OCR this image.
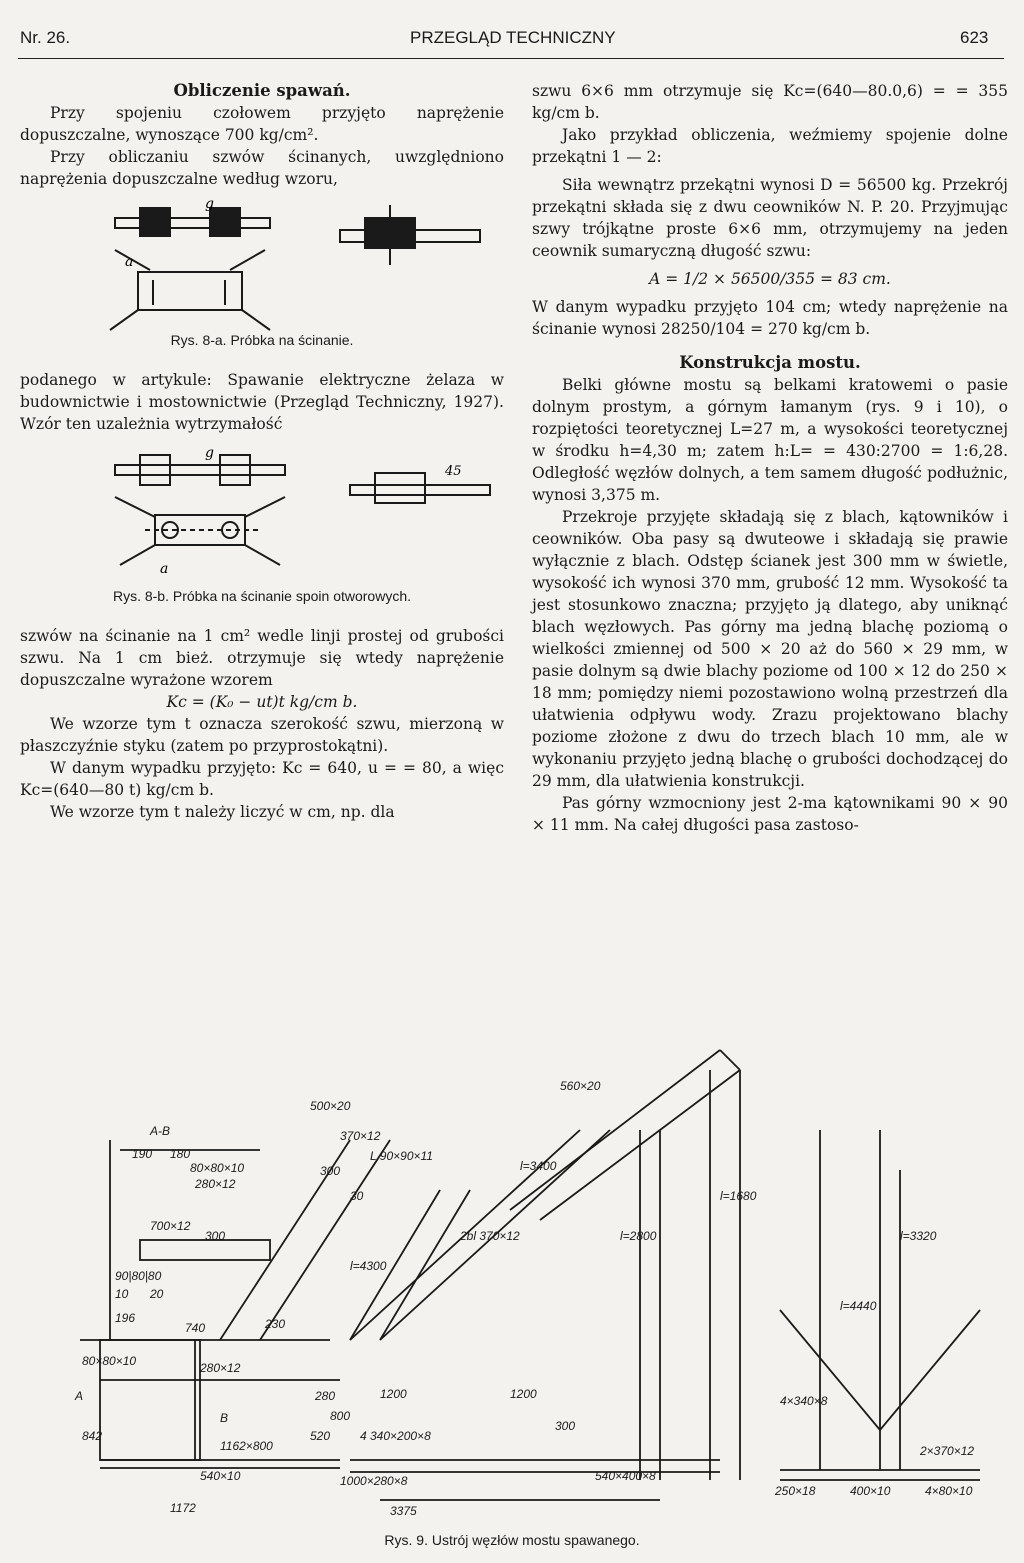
Nr. 26.	PRZEGLĄD TECHNICZNY	623

Obliczenie spawań.

Przy spojeniu czołowem przyjęto naprężenie dopuszczalne, wynoszące 700 kg/cm².

Przy obliczaniu szwów ścinanych, uwzględniono naprężenia dopuszczalne według wzoru,

g
a

Rys. 8-a. Próbka na ścinanie.

podanego w artykule: Spawanie elektryczne żelaza w budownictwie i mostownictwie (Przegląd Techniczny, 1927). Wzór ten uzależnia wytrzymałość

g
a
45

Rys. 8-b. Próbka na ścinanie spoin otworowych.

szwów na ścinanie na 1 cm² wedle linji prostej od grubości szwu. Na 1 cm bież. otrzymuje się wtedy naprężenie dopuszczalne wyrażone wzorem

Kc = (K₀ − ut)t kg/cm b.

We wzorze tym t oznacza szerokość szwu, mierzoną w płaszczyźnie styku (zatem po przyprostokątni).

W danym wypadku przyjęto: Kc = 640, u = = 80, a więc Kc=(640—80 t) kg/cm b.

We wzorze tym t należy liczyć w cm, np. dla

szwu 6×6 mm otrzymuje się Kc=(640—80.0,6) = = 355 kg/cm b.

Jako przykład obliczenia, weźmiemy spojenie dolne przekątni 1 — 2:

Siła wewnątrz przekątni wynosi D = 56500 kg. Przekrój przekątni składa się z dwu ceowników N. P. 20. Przyjmując szwy trójkątne proste 6×6 mm, otrzymujemy na jeden ceownik sumaryczną długość szwu:

A = 1/2 × 56500/355 = 83 cm.

W danym wypadku przyjęto 104 cm; wtedy naprężenie na ścinanie wynosi 28250/104 = 270 kg/cm b.

Konstrukcja mostu.

Belki główne mostu są belkami kratowemi o pasie dolnym prostym, a górnym łamanym (rys. 9 i 10), o rozpiętości teoretycznej L=27 m, a wysokości teoretycznej w środku h=4,30 m; zatem h:L= = 430:2700 = 1:6,28. Odległość węzłów dolnych, a tem samem długość podłużnic, wynosi 3,375 m.

Przekroje przyjęte składają się z blach, kątowników i ceowników. Oba pasy są dwuteowe i składają się prawie wyłącznie z blach. Odstęp ścianek jest 300 mm w świetle, wysokość ich wynosi 370 mm, grubość 12 mm. Wysokość ta jest stosunkowo znaczna; przyjęto ją dlatego, aby uniknąć blach węzłowych. Pas górny ma jedną blachę poziomą o wielkości zmiennej od 500 × 20 aż do 560 × 29 mm, w pasie dolnym są dwie blachy poziome od 100 × 12 do 250 × 18 mm; pomiędzy niemi pozostawiono wolną przestrzeń dla ułatwienia odpływu wody. Zrazu projektowano blachy poziome złożone z dwu do trzech blach 10 mm, ale w wykonaniu przyjęto jedną blachę o grubości dochodzącej do 29 mm, dla ułatwienia konstrukcji.

Pas górny wzmocniony jest 2-ma kątownikami 90 × 90 × 11 mm. Na całej długości pasa zastoso-

A-B
190 180
80×80×10
280×12
700×12
300
90|80|80
10 20
196
740	230
280×12
1162×800
540×10
1172
500×20
370×12
L 90×90×11
300
30
1200	1200
4 340×200×8
1000×280×8
3375
540×400×8
250×18	400×10	4×80×10
4×340×8
2×370×12
560×20
l=3400
l=4300
l=2800
l=1680
l=3320
l=4440
2bl 370×12
520
800
280
A
B
842
80×80×10
300
Rys. 9. Ustrój węzłów mostu spawanego.
